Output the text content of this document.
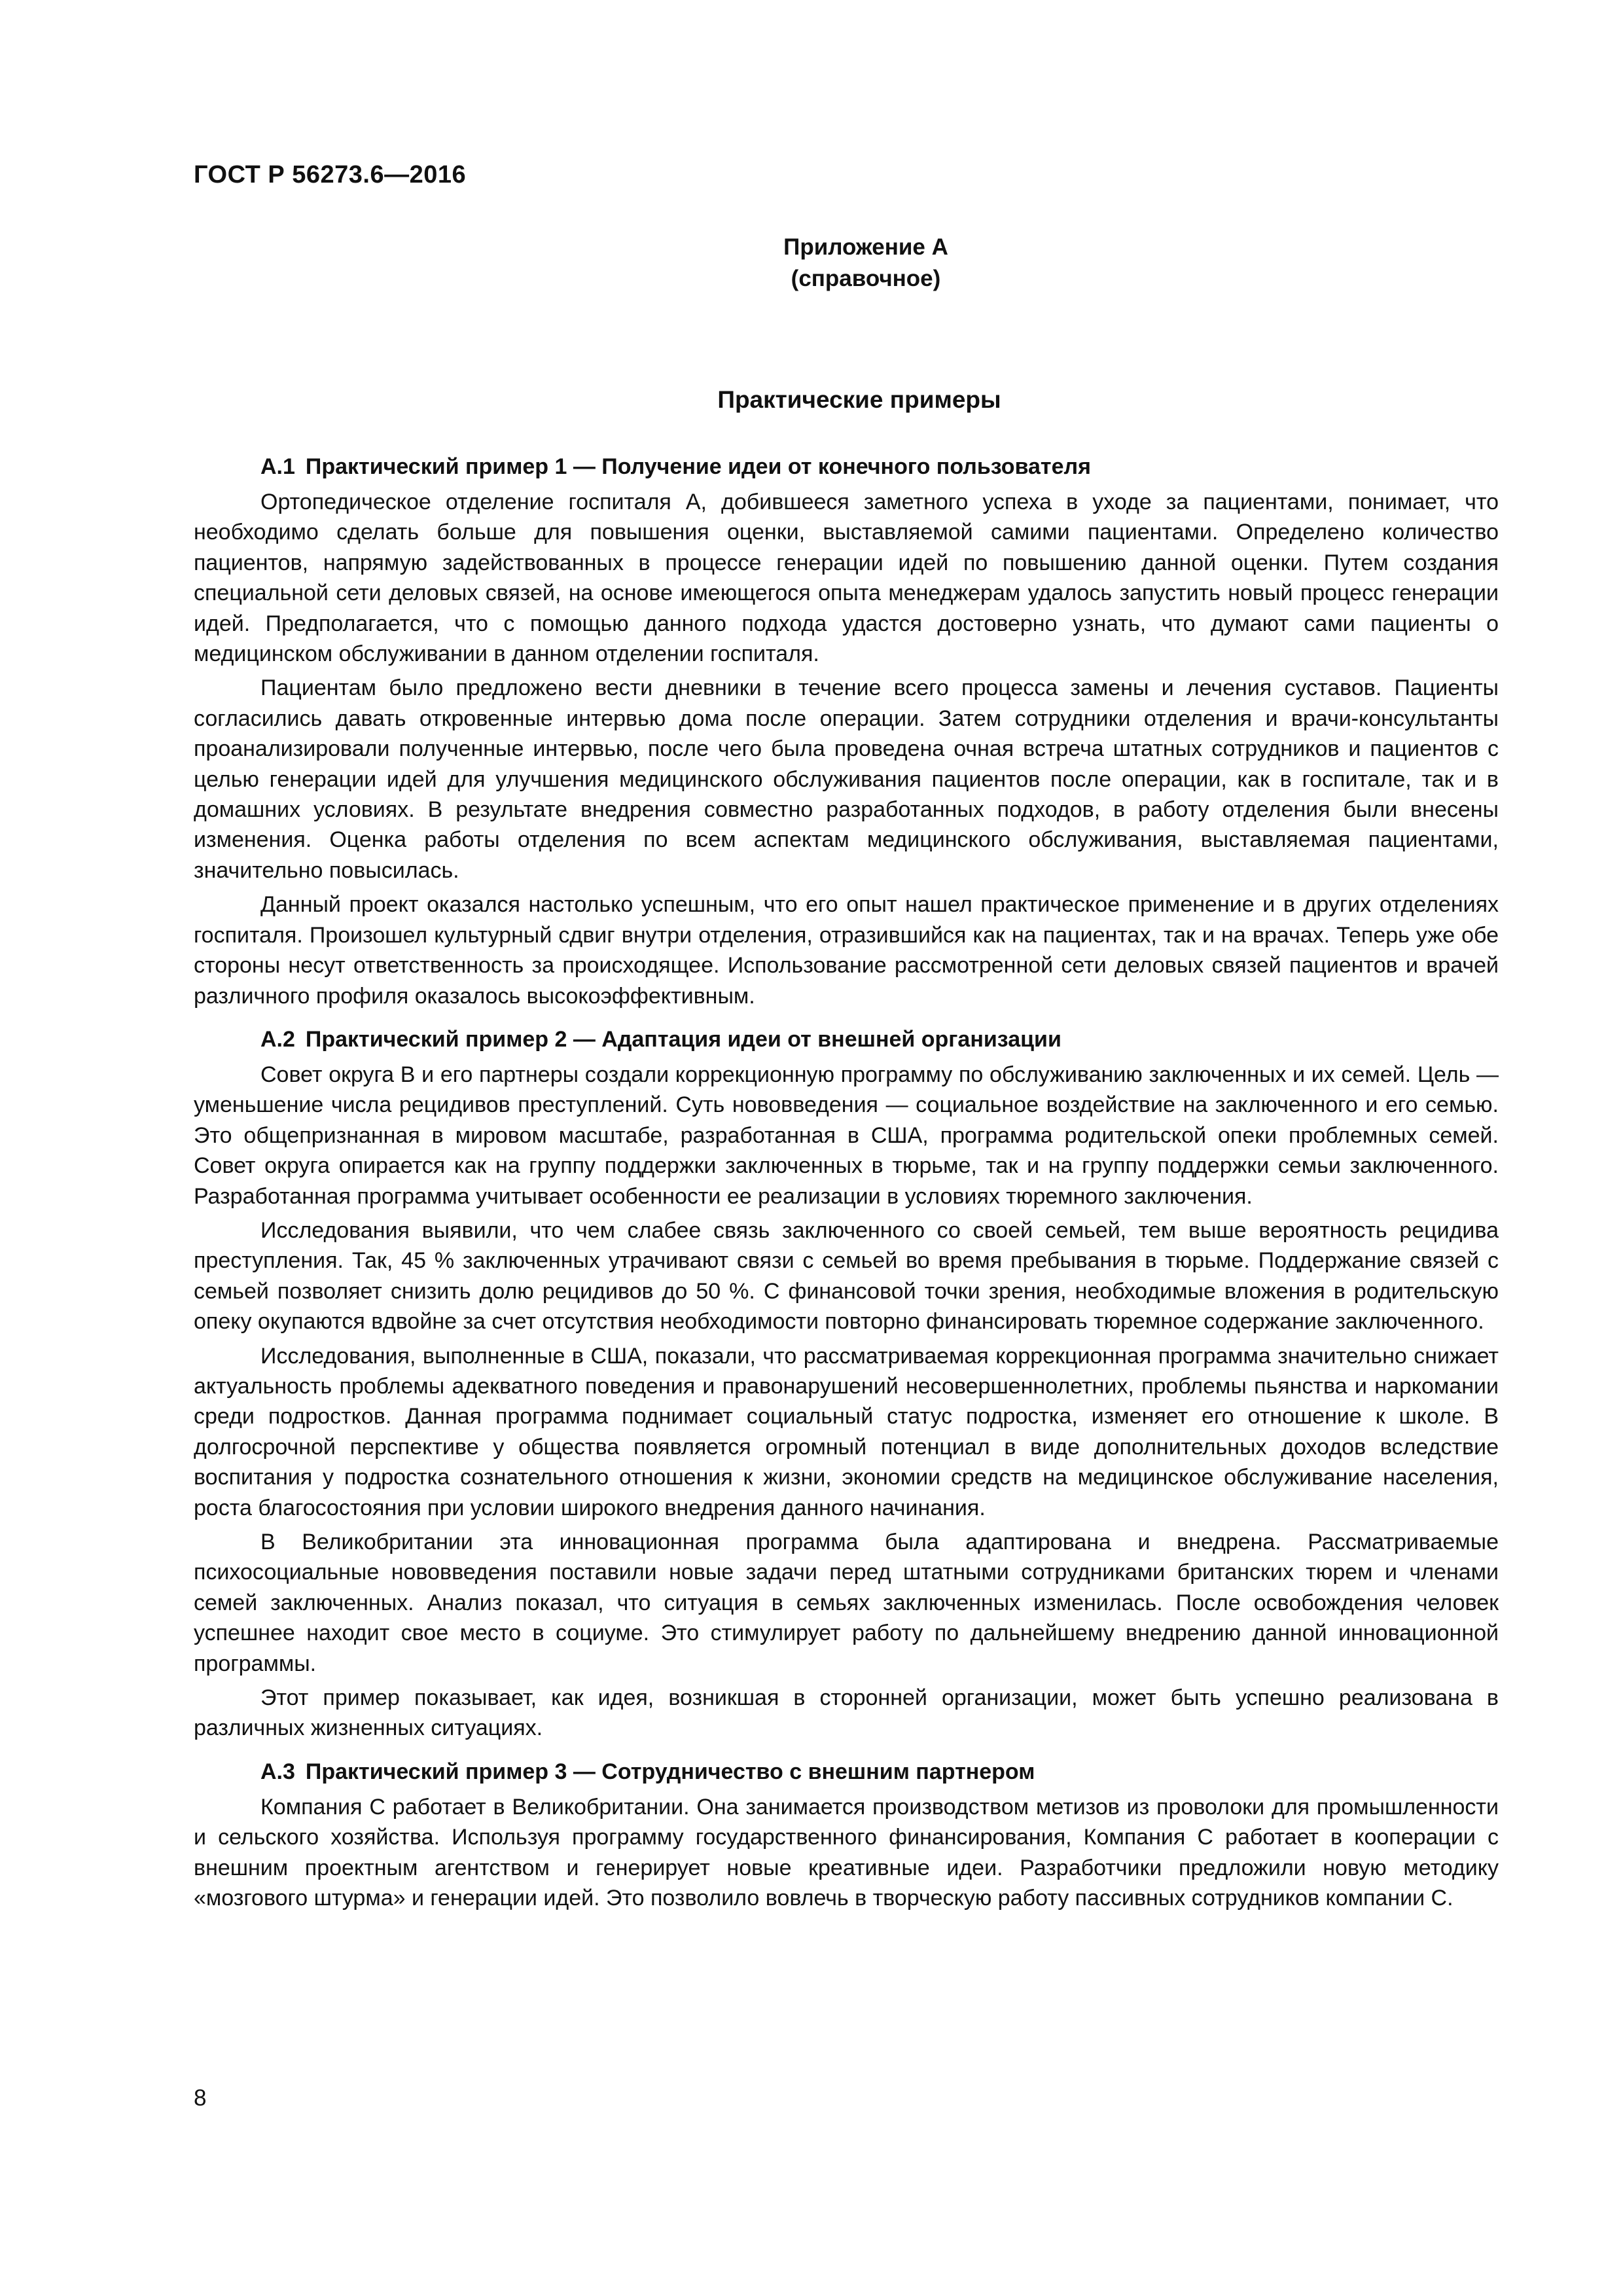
ГОСТ Р 56273.6—2016
Приложение А
(справочное)
Практические примеры
А.1 Практический пример 1 — Получение идеи от конечного пользователя

Ортопедическое отделение госпиталя А, добившееся заметного успеха в уходе за пациентами, понимает, что необходимо сделать больше для повышения оценки, выставляемой самими пациентами. Определено количество пациентов, напрямую задействованных в процессе генерации идей по повышению данной оценки. Путем создания специальной сети деловых связей, на основе имеющегося опыта менеджерам удалось запустить новый процесс генерации идей. Предполагается, что с помощью данного подхода удастся достоверно узнать, что думают сами пациенты о медицинском обслуживании в данном отделении госпиталя.

Пациентам было предложено вести дневники в течение всего процесса замены и лечения суставов. Пациенты согласились давать откровенные интервью дома после операции. Затем сотрудники отделения и врачи-консультанты проанализировали полученные интервью, после чего была проведена очная встреча штатных сотрудников и пациентов с целью генерации идей для улучшения медицинского обслуживания пациентов после операции, как в госпитале, так и в домашних условиях. В результате внедрения совместно разработанных подходов, в работу отделения были внесены изменения. Оценка работы отделения по всем аспектам медицинского обслуживания, выставляемая пациентами, значительно повысилась.

Данный проект оказался настолько успешным, что его опыт нашел практическое применение и в других отделениях госпиталя. Произошел культурный сдвиг внутри отделения, отразившийся как на пациентах, так и на врачах. Теперь уже обе стороны несут ответственность за происходящее. Использование рассмотренной сети деловых связей пациентов и врачей различного профиля оказалось высокоэффективным.

А.2 Практический пример 2 — Адаптация идеи от внешней организации

Совет округа В и его партнеры создали коррекционную программу по обслуживанию заключенных и их семей. Цель — уменьшение числа рецидивов преступлений. Суть нововведения — социальное воздействие на заключенного и его семью. Это общепризнанная в мировом масштабе, разработанная в США, программа родительской опеки проблемных семей. Совет округа опирается как на группу поддержки заключенных в тюрьме, так и на группу поддержки семьи заключенного. Разработанная программа учитывает особенности ее реализации в условиях тюремного заключения.

Исследования выявили, что чем слабее связь заключенного со своей семьей, тем выше вероятность рецидива преступления. Так, 45 % заключенных утрачивают связи с семьей во время пребывания в тюрьме. Поддержание связей с семьей позволяет снизить долю рецидивов до 50 %. С финансовой точки зрения, необходимые вложения в родительскую опеку окупаются вдвойне за счет отсутствия необходимости повторно финансировать тюремное содержание заключенного.

Исследования, выполненные в США, показали, что рассматриваемая коррекционная программа значительно снижает актуальность проблемы адекватного поведения и правонарушений несовершеннолетних, проблемы пьянства и наркомании среди подростков. Данная программа поднимает социальный статус подростка, изменяет его отношение к школе. В долгосрочной перспективе у общества появляется огромный потенциал в виде дополнительных доходов вследствие воспитания у подростка сознательного отношения к жизни, экономии средств на медицинское обслуживание населения, роста благосостояния при условии широкого внедрения данного начинания.

В Великобритании эта инновационная программа была адаптирована и внедрена. Рассматриваемые психосоциальные нововведения поставили новые задачи перед штатными сотрудниками британских тюрем и членами семей заключенных. Анализ показал, что ситуация в семьях заключенных изменилась. После освобождения человек успешнее находит свое место в социуме. Это стимулирует работу по дальнейшему внедрению данной инновационной программы.

Этот пример показывает, как идея, возникшая в сторонней организации, может быть успешно реализована в различных жизненных ситуациях.

А.3 Практический пример 3 — Сотрудничество с внешним партнером

Компания С работает в Великобритании. Она занимается производством метизов из проволоки для промышленности и сельского хозяйства. Используя программу государственного финансирования, Компания С работает в кооперации с внешним проектным агентством и генерирует новые креативные идеи. Разработчики предложили новую методику «мозгового штурма» и генерации идей. Это позволило вовлечь в творческую работу пассивных сотрудников компании С.

8
